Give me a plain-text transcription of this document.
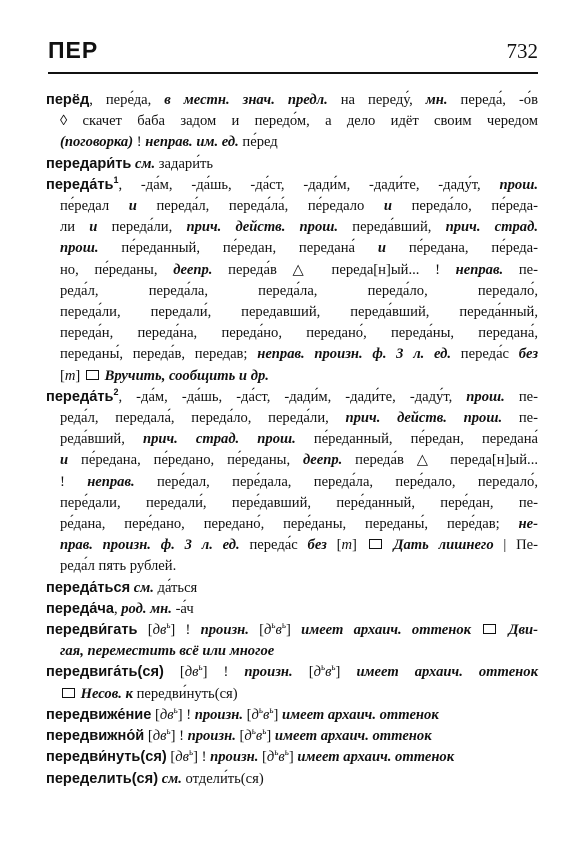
ПЕР	732
перёд, пере́да, в местн. знач. предл. на переду́, мн. переда́, -о́в
◊ скачет баба задом и передо́м, а дело идёт своим чередом
(поговорка) ! неправ. им. ед. пе́ред
передари́ть см. задари́ть
$переда́ть^1$, -да́м, -да́шь, -да́ст, -дади́м, -дади́те, -даду́т, прош.
пе́редал и переда́л, переда́ла́, пе́редало и переда́ло, пе́реда-
ли и переда́ли, прич. действ. прош. переда́вший, прич. страд.
прош. пе́реданный, пе́редан, передана́ и пе́редана, пе́реда-
но, пе́реданы, деепр. переда́в △ переда[н]ый... ! неправ. пе-
реда́л, переда́ла, переда́ла, переда́ло, передало́,
переда́ли, передали́, передавший, переда́вший, переда́нный,
переда́н, переда́на, переда́но, передано́, переда́ны, передана́,
переданы́, переда́в, передав; неправ. произн. ф. 3 л. ед. переда́с без
[т]  Вручить, сообщить и др.
$переда́ть^2$, -да́м, -да́шь, -да́ст, -дади́м, -дади́те, -даду́т, прош. пе-
реда́л, передала́, переда́ло, переда́ли, прич. действ. прош. пе-
реда́вший, прич. страд. прош. пе́реданный, пе́редан, передана́
и пе́редана, пе́редано, пе́реданы, деепр. переда́в △ переда[н]ый...
! неправ. пере́дал, пере́дала, переда́ла, пере́дало, передало́,
пере́дали, передали́, пере́давший, пере́данный, пере́дан, пе-
ре́дана, пере́дано, передано́, пере́даны, переданы́, пере́дав; не-
прав. произн. ф. 3 л. ед. переда́с без [т]  Дать лишнего | Пе-
реда́л пять рублей.
переда́ться см. да́ться
переда́ча, род. мн. -а́ч
передви́гать $[дв^ь]$ ! произн. $[д^ьв^ь]$ имеет архаич. оттенок	Дви-
гая, переместить всё или многое
передвига́ть(ся) $[дв^ь]$ ! произн. $[д^ьв^ь]$ имеет архаич. оттенок
Несов. к передви́нуть(ся)
передвиже́ние $[дв^ь]$ ! произн. $[д^ьв^ь]$ имеет архаич. оттенок
передвижно́й $[дв^ь]$ ! произн. $[д^ьв^ь]$ имеет архаич. оттенок
передви́нуть(ся) $[дв^ь]$ ! произн. $[д^ьв^ь]$ имеет архаич. оттенок
переделить(ся) см. отдели́ть(ся)
